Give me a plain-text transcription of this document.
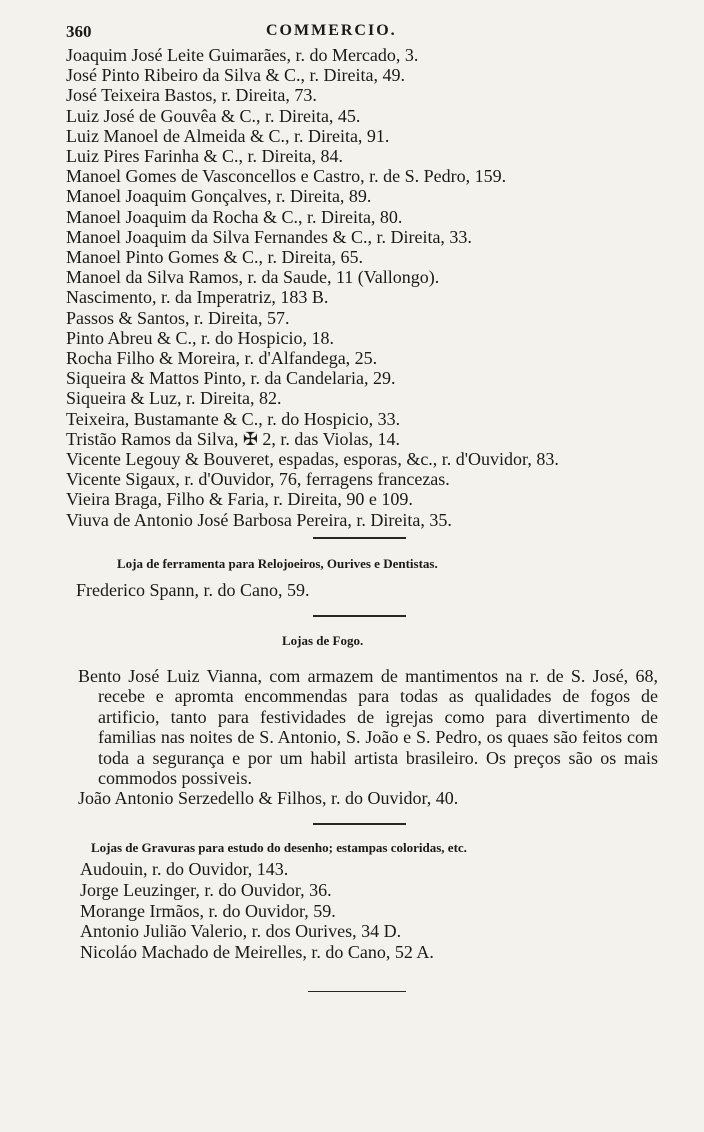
360	COMMERCIO.
Joaquim José Leite Guimarães, r. do Mercado, 3.
José Pinto Ribeiro da Silva & C., r. Direita, 49.
José Teixeira Bastos, r. Direita, 73.
Luiz José de Gouvêa & C., r. Direita, 45.
Luiz Manoel de Almeida & C., r. Direita, 91.
Luiz Pires Farinha & C., r. Direita, 84.
Manoel Gomes de Vasconcellos e Castro, r. de S. Pedro, 159.
Manoel Joaquim Gonçalves, r. Direita, 89.
Manoel Joaquim da Rocha & C., r. Direita, 80.
Manoel Joaquim da Silva Fernandes & C., r. Direita, 33.
Manoel Pinto Gomes & C., r. Direita, 65.
Manoel da Silva Ramos, r. da Saude, 11 (Vallongo).
Nascimento, r. da Imperatriz, 183 B.
Passos & Santos, r. Direita, 57.
Pinto Abreu & C., r. do Hospicio, 18.
Rocha Filho & Moreira, r. d'Alfandega, 25.
Siqueira & Mattos Pinto, r. da Candelaria, 29.
Siqueira & Luz, r. Direita, 82.
Teixeira, Bustamante & C., r. do Hospicio, 33.
Tristão Ramos da Silva, ✠ 2, r. das Violas, 14.
Vicente Legouy & Bouveret, espadas, esporas, &c., r. d'Ouvidor, 83.
Vicente Sigaux, r. d'Ouvidor, 76, ferragens francezas.
Vieira Braga, Filho & Faria, r. Direita, 90 e 109.
Viuva de Antonio José Barbosa Pereira, r. Direita, 35.
Loja de ferramenta para Relojoeiros, Ourives e Dentistas.
Frederico Spann, r. do Cano, 59.
Lojas de Fogo.

Bento José Luiz Vianna, com armazem de mantimentos na r. de S. José, 68, recebe e apromta encommendas para todas as qualidades de fogos de artificio, tanto para festividades de igrejas como para divertimento de familias nas noites de S. Antonio, S. João e S. Pedro, os quaes são feitos com toda a segurança e por um habil artista brasileiro. Os preços são os mais commodos possiveis.

João Antonio Serzedello & Filhos, r. do Ouvidor, 40.
Lojas de Gravuras para estudo do desenho; estampas coloridas, etc.
Audouin, r. do Ouvidor, 143.
Jorge Leuzinger, r. do Ouvidor, 36.
Morange Irmãos, r. do Ouvidor, 59.
Antonio Julião Valerio, r. dos Ourives, 34 D.
Nicoláo Machado de Meirelles, r. do Cano, 52 A.
